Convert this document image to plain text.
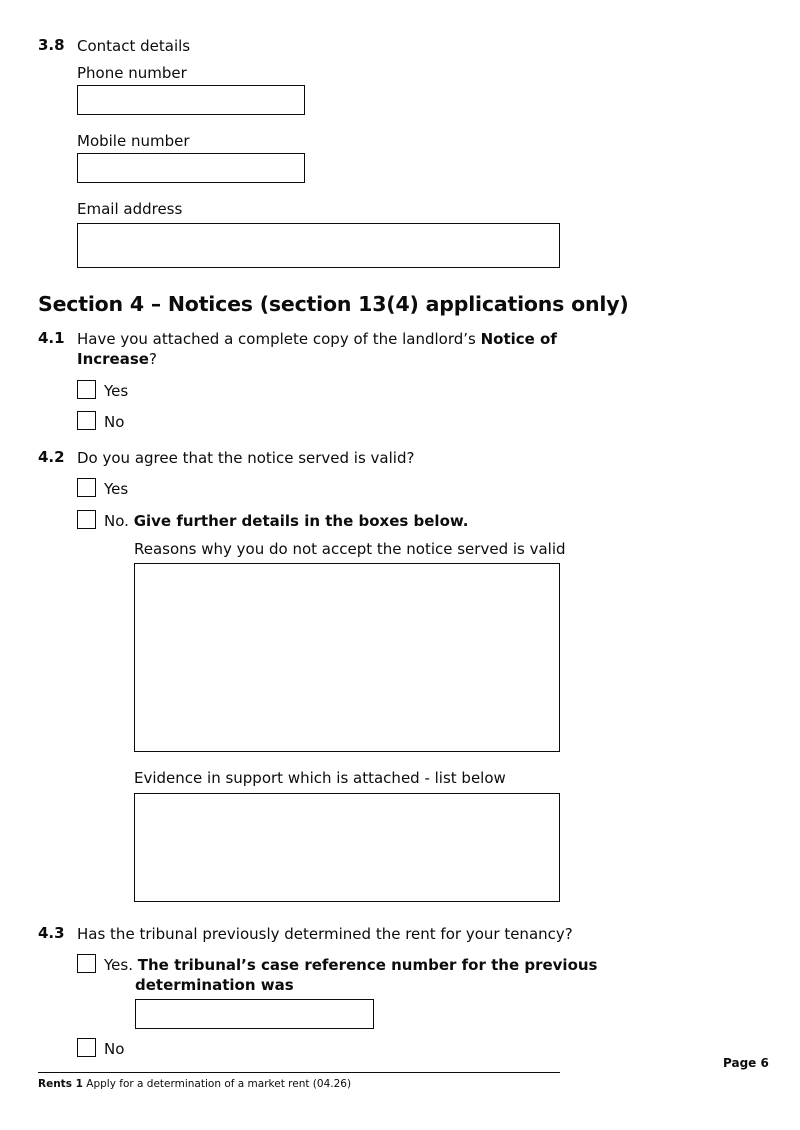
3.8 Contact details
Phone number
Mobile number
Email address
Section 4 – Notices (section 13(4) applications only)
4.1 Have you attached a complete copy of the landlord’s Notice of
Increase?
Yes
No
4.2 Do you agree that the notice served is valid?
Yes
No. Give further details in the boxes below.
Reasons why you do not accept the notice served is valid
Evidence in support which is attached - list below
4.3 Has the tribunal previously determined the rent for your tenancy?
Yes. The tribunal’s case reference number for the previous
determination was
No
Page 6
Rents 1 Apply for a determination of a market rent (04.26)
